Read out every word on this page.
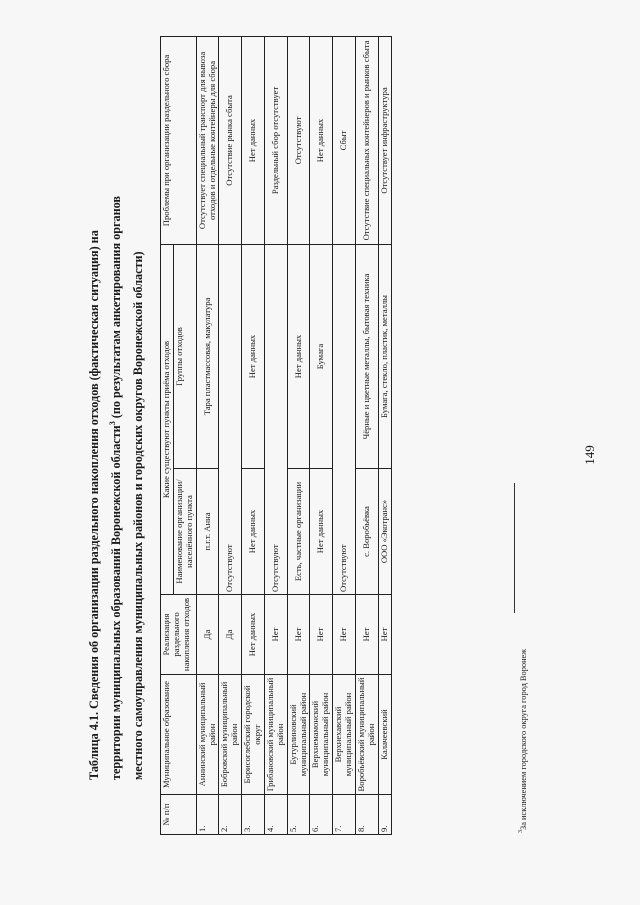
149

Таблица 4.1. Сведения об организации раздельного накопления отходов (фактическая ситуация) на территории муниципальных образований Воронежской области$^3$ (по результатам анкетирования органов местного самоуправления муниципальных районов и городских округов Воронежской области)

№ п/п	Муниципальное образование	Реализация раздельного накопления отходов	Какие существуют пункты приёма отходов		Проблемы при организации раздельного сбора
			Наименование организации/ населённого пункта	Группы отходов	
1.	Аннинский муниципальный район	Да	п.г.т. Анна	Тара пластмассовая, макулатура	Отсутствует специальный транспорт для вывоза отходов и отдельные контейнеры для сбора
2.	Бобровский муниципальный район	Да	Отсутствуют		Отсутствие рынка сбыта
3.	Борисоглебский городской округ	Нет данных	Нет данных	Нет данных	Нет данных
4.	Грибановский муниципальный район	Нет	Отсутствуют		Раздельный сбор отсутствует
5.	Бутурлиновский муниципальный район	Нет	Есть, частные организации	Нет данных	Отсутствуют
6.	Верхнемамонский муниципальный район	Нет	Нет данных	Бумага	Нет данных
7.	Верхнехавский муниципальный район	Нет	Отсутствуют		Сбыт
8.	Воробьёвский муниципальный район	Нет	с. Воробьёвка	Чёрные и цветные металлы, бытовая техника	Отсутствие специальных контейнеров и рынков сбыта
9.	Калачеевский	Нет	ООО «Экотранс»	Бумага, стекло, пластик, металлы	Отсутствует инфраструктура
$^3$За исключением городского округа город Воронеж
